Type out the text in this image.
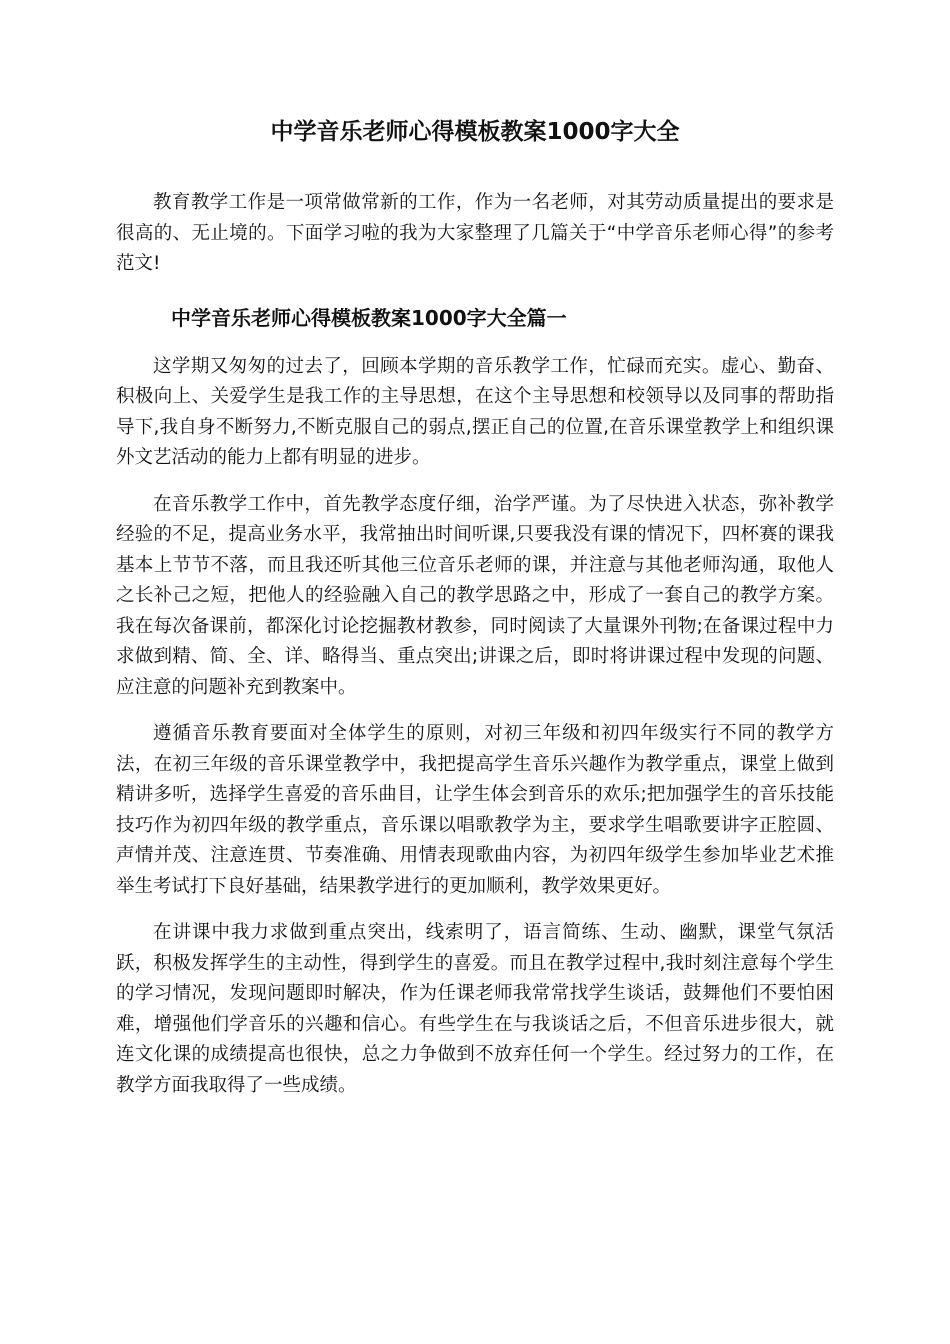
中学音乐老师心得模板教案1000字大全

教育教学工作是一项常做常新的工作，作为一名老师，对其劳动质量提出的要求是很高的、无止境的。下面学习啦的我为大家整理了几篇关于“中学音乐老师心得”的参考范文!

中学音乐老师心得模板教案1000字大全篇一

这学期又匆匆的过去了，回顾本学期的音乐教学工作，忙碌而充实。虚心、勤奋、积极向上、关爱学生是我工作的主导思想，在这个主导思想和校领导以及同事的帮助指导下,我自身不断努力,不断克服自己的弱点,摆正自己的位置,在音乐课堂教学上和组织课外文艺活动的能力上都有明显的进步。

在音乐教学工作中，首先教学态度仔细，治学严谨。为了尽快进入状态，弥补教学经验的不足，提高业务水平，我常抽出时间听课,只要我没有课的情况下，四杯赛的课我基本上节节不落，而且我还听其他三位音乐老师的课，并注意与其他老师沟通，取他人之长补己之短，把他人的经验融入自己的教学思路之中，形成了一套自己的教学方案。我在每次备课前，都深化讨论挖掘教材教参，同时阅读了大量课外刊物;在备课过程中力求做到精、简、全、详、略得当、重点突出;讲课之后，即时将讲课过程中发现的问题、应注意的问题补充到教案中。

遵循音乐教育要面对全体学生的原则，对初三年级和初四年级实行不同的教学方法，在初三年级的音乐课堂教学中，我把提高学生音乐兴趣作为教学重点，课堂上做到精讲多听，选择学生喜爱的音乐曲目，让学生体会到音乐的欢乐;把加强学生的音乐技能技巧作为初四年级的教学重点，音乐课以唱歌教学为主，要求学生唱歌要讲字正腔圆、声情并茂、注意连贯、节奏准确、用情表现歌曲内容，为初四年级学生参加毕业艺术推举生考试打下良好基础，结果教学进行的更加顺利，教学效果更好。

在讲课中我力求做到重点突出，线索明了，语言简练、生动、幽默，课堂气氛活跃，积极发挥学生的主动性，得到学生的喜爱。而且在教学过程中,我时刻注意每个学生的学习情况，发现问题即时解决，作为任课老师我常常找学生谈话，鼓舞他们不要怕困难，增强他们学音乐的兴趣和信心。有些学生在与我谈话之后，不但音乐进步很大，就连文化课的成绩提高也很快，总之力争做到不放弃任何一个学生。经过努力的工作，在教学方面我取得了一些成绩。
